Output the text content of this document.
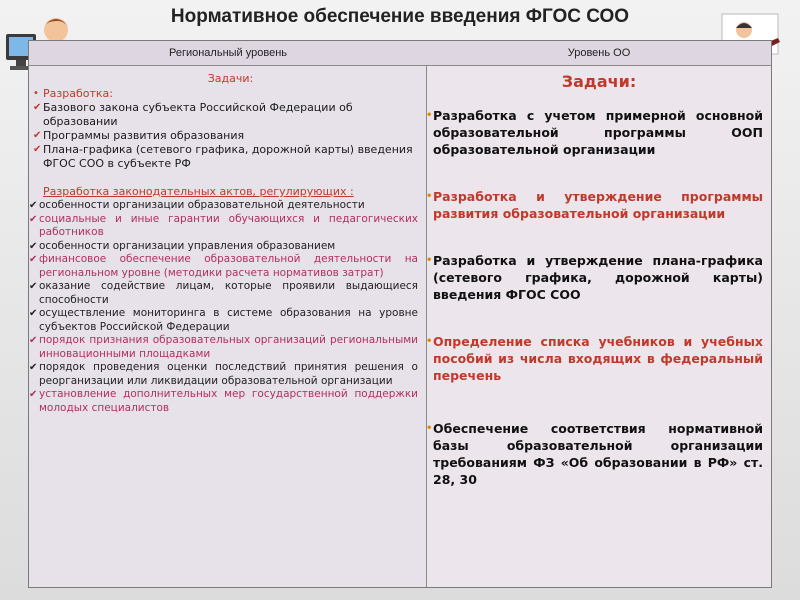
Нормативное обеспечение введения ФГОС СОО
Региональный уровень	Уровень ОО
Задачи:
• Разработка:
✔ Базового закона субъекта Российской Федерации об образовании
✔ Программы развития образования
✔ Плана-графика (сетевого графика, дорожной карты) введения ФГОС СОО в субъекте РФ
Разработка законодательных актов, регулирующих :
✔ особенности организации образовательной деятельности
✔ социальные и иные гарантии обучающихся и педагогических работников
✔ особенности организации управления образованием
✔ финансовое обеспечение образовательной деятельности на региональном уровне (методики расчета нормативов затрат)
✔ оказание содействие лицам, которые проявили выдающиеся способности
✔ осуществление мониторинга в системе образования на уровне субъектов Российской Федерации
✔ порядок признания образовательных организаций региональными инновационными площадками
✔ порядок проведения оценки последствий принятия решения о реорганизации или ликвидации образовательной организации
✔ установление дополнительных мер государственной поддержки молодых специалистов
Задачи:
• Разработка с учетом примерной основной образовательной программы ООП образовательной организации
• Разработка и утверждение программы развития образовательной организации
• Разработка и утверждение плана-графика (сетевого графика, дорожной карты) введения ФГОС СОО
• Определение списка учебников и учебных пособий из числа входящих в федеральный перечень
• Обеспечение соответствия нормативной базы образовательной организации требованиям ФЗ «Об образовании в РФ» ст. 28, 30
